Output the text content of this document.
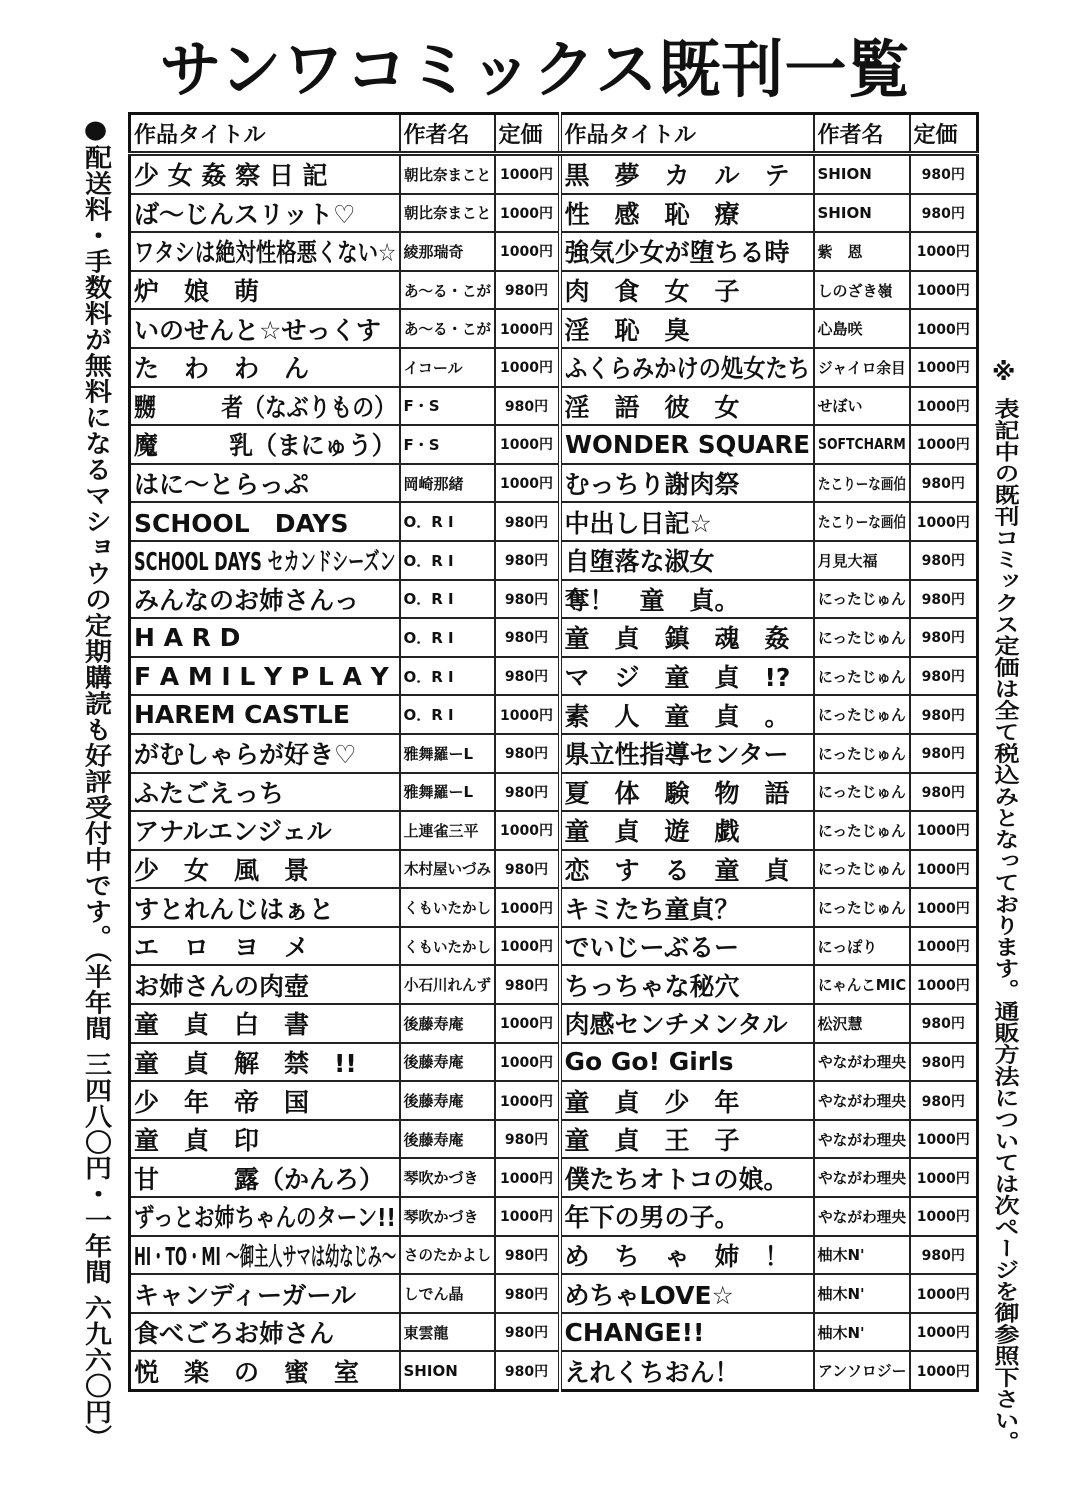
サンワコミックス既刊一覧
●配送料・手数料が無料になるマショウの定期購読も好評受付中です。（半年間 三四八〇円・一年間 六九六〇円）	※
表記中の既刊コミックス定価は全て税込みとなっております。通販方法については次ページを御参照下さい。
作品タイトル	作者名	定価	作品タイトル	作者名	定価
少 女 姦 察 日 記	朝比奈まこと	1000円	黒　夢　カ　ル　テ	SHION	980円
ば～じんスリット♡	朝比奈まこと	1000円	性　感　恥　療	SHION	980円
ワタシは絶対性格悪くない☆	綾那瑞奇	1000円	強気少女が堕ちる時	紫　恩	1000円
炉　娘　萌	あ～る・こが	980円	肉　食　女　子	しのざき嶺	1000円
いのせんと☆せっくす	あ～る・こが	1000円	淫　恥　臭	心島咲	1000円
た　わ　わ　ん	イコール	1000円	ふくらみかけの処女たち	ジャイロ余目	1000円
嬲　　　者（なぶりもの）	F・S	980円	淫　語　彼　女	せぼい	1000円
魔　　　乳（まにゅう）	F・S	1000円	WONDER SQUARE	SOFTCHARM	1000円
はに～とらっぷ	岡崎那緒	1000円	むっちり謝肉祭	たこりーな画伯	980円
SCHOOL　DAYS	O．R I	980円	中出し日記☆	たこりーな画伯	1000円
SCHOOL DAYS セカンドシーズン	O．R I	980円	自堕落な淑女	月見大福	980円
みんなのお姉さんっ	O．R I	980円	奪！　童　貞。	にったじゅん	980円
H A R D	O．R I	980円	童　貞　鎮　魂　姦	にったじゅん	980円
F A M I L Y P L A Y	O．R I	980円	マ　ジ　童　貞　!?	にったじゅん	980円
HAREM CASTLE	O．R I	1000円	素　人　童　貞　。	にったじゅん	980円
がむしゃらが好き♡	雅舞羅ーL	980円	県立性指導センター	にったじゅん	980円
ふたごえっち	雅舞羅ーL	980円	夏　体　験　物　語	にったじゅん	980円
アナルエンジェル	上連雀三平	1000円	童　貞　遊　戯	にったじゅん	1000円
少　女　風　景	木村屋いづみ	980円	恋　す　る　童　貞	にったじゅん	1000円
すとれんじはぁと	くもいたかし	1000円	キミたち童貞？	にったじゅん	1000円
エ　ロ　ヨ　メ	くもいたかし	1000円	でいじーぶるー	にっぽり	1000円
お姉さんの肉壺	小石川れんず	980円	ちっちゃな秘穴	にゃんこMIC	1000円
童　貞　白　書	後藤寿庵	1000円	肉感センチメンタル	松沢慧	980円
童　貞　解　禁　!!	後藤寿庵	1000円	Go Go! Girls	やながわ理央	980円
少　年　帝　国	後藤寿庵	1000円	童　貞　少　年	やながわ理央	980円
童　貞　印	後藤寿庵	980円	童　貞　王　子	やながわ理央	1000円
甘　　　露（かんろ）	琴吹かづき	1000円	僕たちオトコの娘。	やながわ理央	1000円
ずっとお姉ちゃんのターン!!	琴吹かづき	1000円	年下の男の子。	やながわ理央	1000円
HI・TO・MI ～御主人サマは幼なじみ～	さのたかよし	980円	め　ち　ゃ　姉　！	柚木N'	980円
キャンディーガール	しでん晶	980円	めちゃLOVE☆	柚木N'	1000円
食べごろお姉さん	東雲龍	980円	CHANGE!!	柚木N'	1000円
悦　楽　の　蜜　室	SHION	980円	えれくちおん！	アンソロジー	1000円
